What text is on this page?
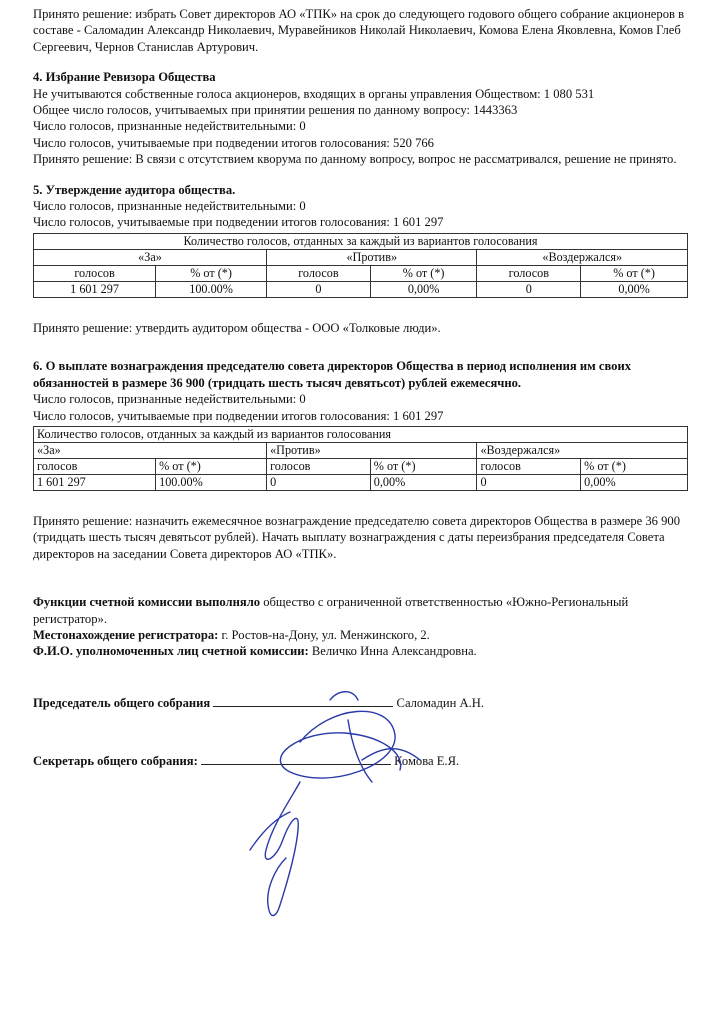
Принято решение: избрать Совет директоров АО «ТПК» на срок до следующего годового общего собрание акционеров в составе - Саломадин Александр Николаевич, Муравейников Николай Николаевич, Комова Елена Яковлевна, Комов Глеб Сергеевич, Чернов Станислав Артурович.

4. Избрание Ревизора Общества

Не учитываются собственные голоса акционеров, входящих в органы управления Обществом: 1 080 531

Общее число голосов, учитываемых при принятии решения по данному вопросу: 1443363

Число голосов, признанные недействительными: 0

Число голосов, учитываемые при подведении итогов голосования: 520 766

Принято решение: В связи с отсутствием кворума по данному вопросу, вопрос не рассматривался, решение не принято.

5. Утверждение аудитора общества.

Число голосов, признанные недействительными: 0

Число голосов, учитываемые при подведении итогов голосования: 1 601 297

Количество голосов, отданных за каждый из вариантов голосования					
«За»		«Против»		«Воздержался»	
голосов	% от (*)	голосов	% от (*)	голосов	% от (*)
1 601 297	100.00%	0	0,00%	0	0,00%

Принято решение: утвердить аудитором общества - ООО «Толковые люди».

6. О выплате вознаграждения председателю совета директоров Общества в период исполнения им своих обязанностей в размере 36 900 (тридцать шесть тысяч девятьсот) рублей ежемесячно.

Число голосов, признанные недействительными: 0

Число голосов, учитываемые при подведении итогов голосования: 1 601 297

Количество голосов, отданных за каждый из вариантов голосования					
«За»		«Против»		«Воздержался»	
голосов	% от (*)	голосов	% от (*)	голосов	% от (*)
1 601 297	100.00%	0	0,00%	0	0,00%

Принято решение: назначить ежемесячное вознаграждение председателю совета директоров Общества в размере 36 900 (тридцать шесть тысяч девятьсот рублей). Начать выплату вознаграждения с даты переизбрания председателя Совета директоров на заседании Совета директоров АО «ТПК».

Функции счетной комиссии выполняло общество с ограниченной ответственностью «Южно-Региональный регистратор».

Местонахождение регистратора: г. Ростов-на-Дону, ул. Менжинского, 2.

Ф.И.О. уполномоченных лиц счетной комиссии: Величко Инна Александровна.

Председатель общего собрания	Саломадин А.Н.
Секретарь общего собрания:	Комова Е.Я.
